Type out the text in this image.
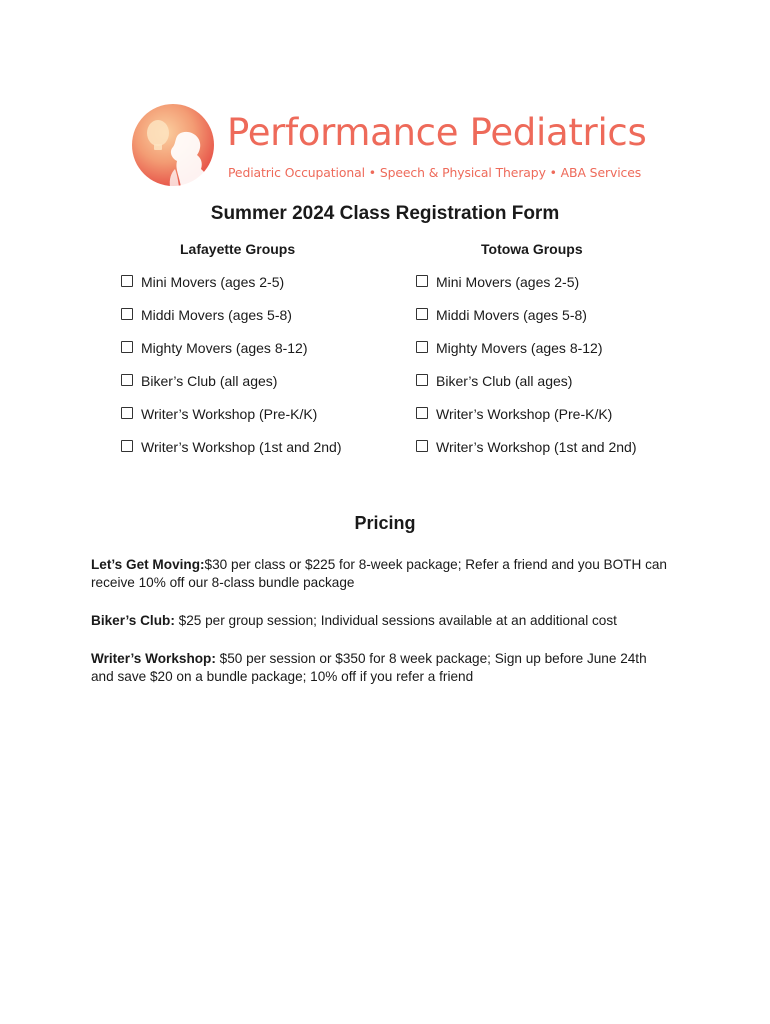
Performance Pediatrics
Pediatric Occupational • Speech & Physical Therapy • ABA Services
Summer 2024 Class Registration Form
Lafayette Groups	Totowa Groups
Mini Movers (ages 2-5)
Middi Movers (ages 5-8)
Mighty Movers (ages 8-12)
Biker’s Club (all ages)
Writer’s Workshop (Pre-K/K)
Writer’s Workshop (1st and 2nd)
Mini Movers (ages 2-5)
Middi Movers (ages 5-8)
Mighty Movers (ages 8-12)
Biker’s Club (all ages)
Writer’s Workshop (Pre-K/K)
Writer’s Workshop (1st and 2nd)
Pricing
Let’s Get Moving:$30 per class or $225 for 8-week package; Refer a friend and you BOTH can
receive 10% off our 8-class bundle package
Biker’s Club: $25 per group session; Individual sessions available at an additional cost
Writer’s Workshop: $50 per session or $350 for 8 week package; Sign up before June 24th
and save $20 on a bundle package; 10% off if you refer a friend
